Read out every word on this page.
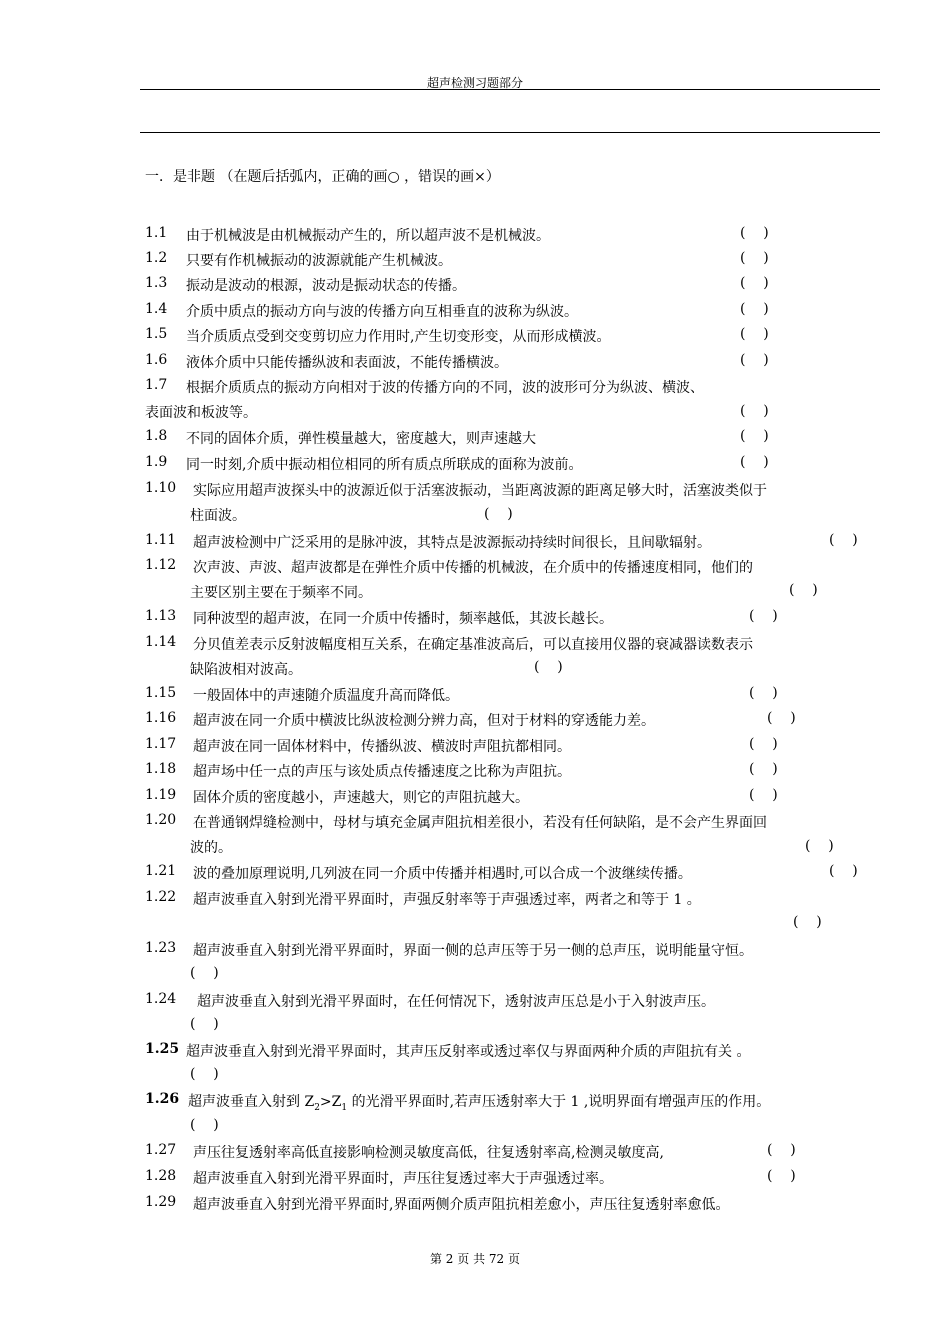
超声检测习题部分
一．是非题 （在题后括弧内，正确的画○ ，错误的画×）
1.1 由于机械波是由机械振动产生的，所以超声波不是机械波。	(    )
1.2 只要有作机械振动的波源就能产生机械波。	(    )
1.3 振动是波动的根源，波动是振动状态的传播。	(    )
1.4 介质中质点的振动方向与波的传播方向互相垂直的波称为纵波。	(    )
1.5 当介质质点受到交变剪切应力作用时,产生切变形变，从而形成横波。	(    )
1.6 液体介质中只能传播纵波和表面波，不能传播横波。	(    )
1.7 根据介质质点的振动方向相对于波的传播方向的不同，波的波形可分为纵波、横波、
表面波和板波等。	(    )
1.8 不同的固体介质，弹性模量越大，密度越大，则声速越大	(    )
1.9 同一时刻,介质中振动相位相同的所有质点所联成的面称为波前。	(    )
1.10 实际应用超声波探头中的波源近似于活塞波振动，当距离波源的距离足够大时，活塞波类似于
柱面波。	(    )
1.11 超声波检测中广泛采用的是脉冲波，其特点是波源振动持续时间很长，且间歇辐射。	(    )
1.12 次声波、声波、超声波都是在弹性介质中传播的机械波，在介质中的传播速度相同，他们的
主要区别主要在于频率不同。	(    )
1.13 同种波型的超声波，在同一介质中传播时，频率越低，其波长越长。	(    )
1.14 分贝值差表示反射波幅度相互关系，在确定基准波高后，可以直接用仪器的衰减器读数表示
缺陷波相对波高。	(    )
1.15 一般固体中的声速随介质温度升高而降低。	(    )
1.16 超声波在同一介质中横波比纵波检测分辨力高，但对于材料的穿透能力差。	(    )
1.17 超声波在同一固体材料中，传播纵波、横波时声阻抗都相同。	(    )
1.18 超声场中任一点的声压与该处质点传播速度之比称为声阻抗。	(    )
1.19 固体介质的密度越小，声速越大，则它的声阻抗越大。	(    )
1.20 在普通钢焊缝检测中，母材与填充金属声阻抗相差很小，若没有任何缺陷，是不会产生界面回
波的。	(    )
1.21 波的叠加原理说明,几列波在同一介质中传播并相遇时,可以合成一个波继续传播。	(    )
1.22 超声波垂直入射到光滑平界面时，声强反射率等于声强透过率，两者之和等于 1 。
(    )
1.23 超声波垂直入射到光滑平界面时，界面一侧的总声压等于另一侧的总声压，说明能量守恒。
(    )
1.24 超声波垂直入射到光滑平界面时，在任何情况下，透射波声压总是小于入射波声压。
(    )
1.25 超声波垂直入射到光滑平界面时，其声压反射率或透过率仅与界面两种介质的声阻抗有关 。
(    )
1.26 超声波垂直入射到 $Z_2>Z_1$ 的光滑平界面时,若声压透射率大于 1 ,说明界面有增强声压的作用。
(    )
1.27 声压往复透射率高低直接影响检测灵敏度高低，往复透射率高,检测灵敏度高,	(    )
1.28 超声波垂直入射到光滑平界面时，声压往复透过率大于声强透过率。	(    )
1.29 超声波垂直入射到光滑平界面时,界面两侧介质声阻抗相差愈小，声压往复透射率愈低。
第 2 页 共 72 页
